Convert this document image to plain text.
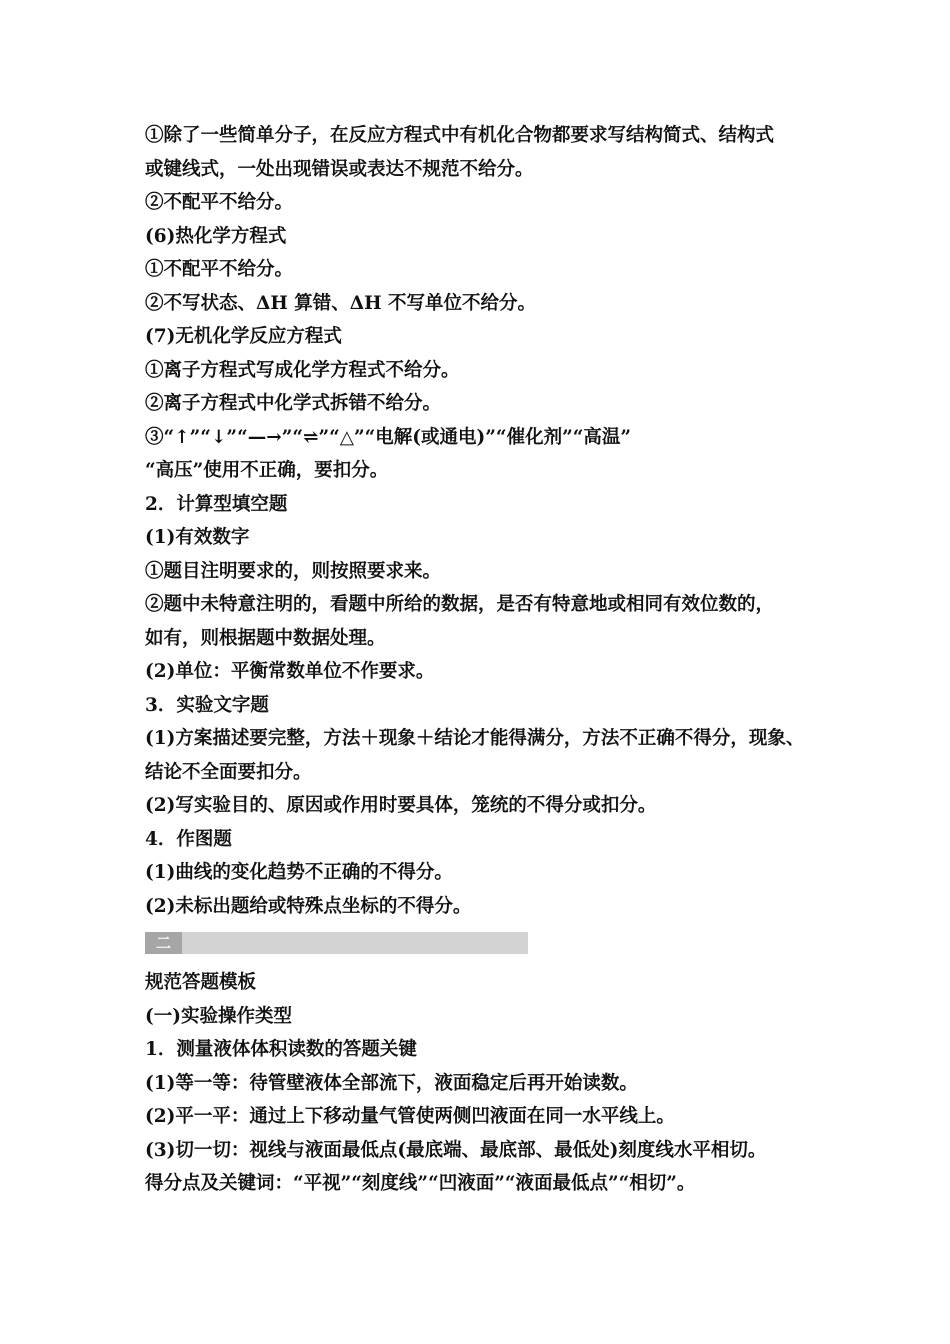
①除了一些简单分子，在反应方程式中有机化合物都要求写结构简式、结构式
或键线式，一处出现错误或表达不规范不给分。
②不配平不给分。
(6)热化学方程式
①不配平不给分。
②不写状态、ΔH 算错、ΔH 不写单位不给分。
(7)无机化学反应方程式
①离子方程式写成化学方程式不给分。
②离子方程式中化学式拆错不给分。
③“↑”“↓”“—→”“⇌”“△”“电解(或通电)”“催化剂”“高温”
“高压”使用不正确，要扣分。
2．计算型填空题
(1)有效数字
①题目注明要求的，则按照要求来。
②题中未特意注明的，看题中所给的数据，是否有特意地或相同有效位数的，
如有，则根据题中数据处理。
(2)单位：平衡常数单位不作要求。
3．实验文字题
(1)方案描述要完整，方法＋现象＋结论才能得满分，方法不正确不得分，现象、
结论不全面要扣分。
(2)写实验目的、原因或作用时要具体，笼统的不得分或扣分。
4．作图题
(1)曲线的变化趋势不正确的不得分。
(2)未标出题给或特殊点坐标的不得分。
二
规范答题模板
(一)实验操作类型
1．测量液体体积读数的答题关键
(1)等一等：待管壁液体全部流下，液面稳定后再开始读数。
(2)平一平：通过上下移动量气管使两侧凹液面在同一水平线上。
(3)切一切：视线与液面最低点(最底端、最底部、最低处)刻度线水平相切。
得分点及关键词：“平视”“刻度线”“凹液面”“液面最低点”“相切”。
